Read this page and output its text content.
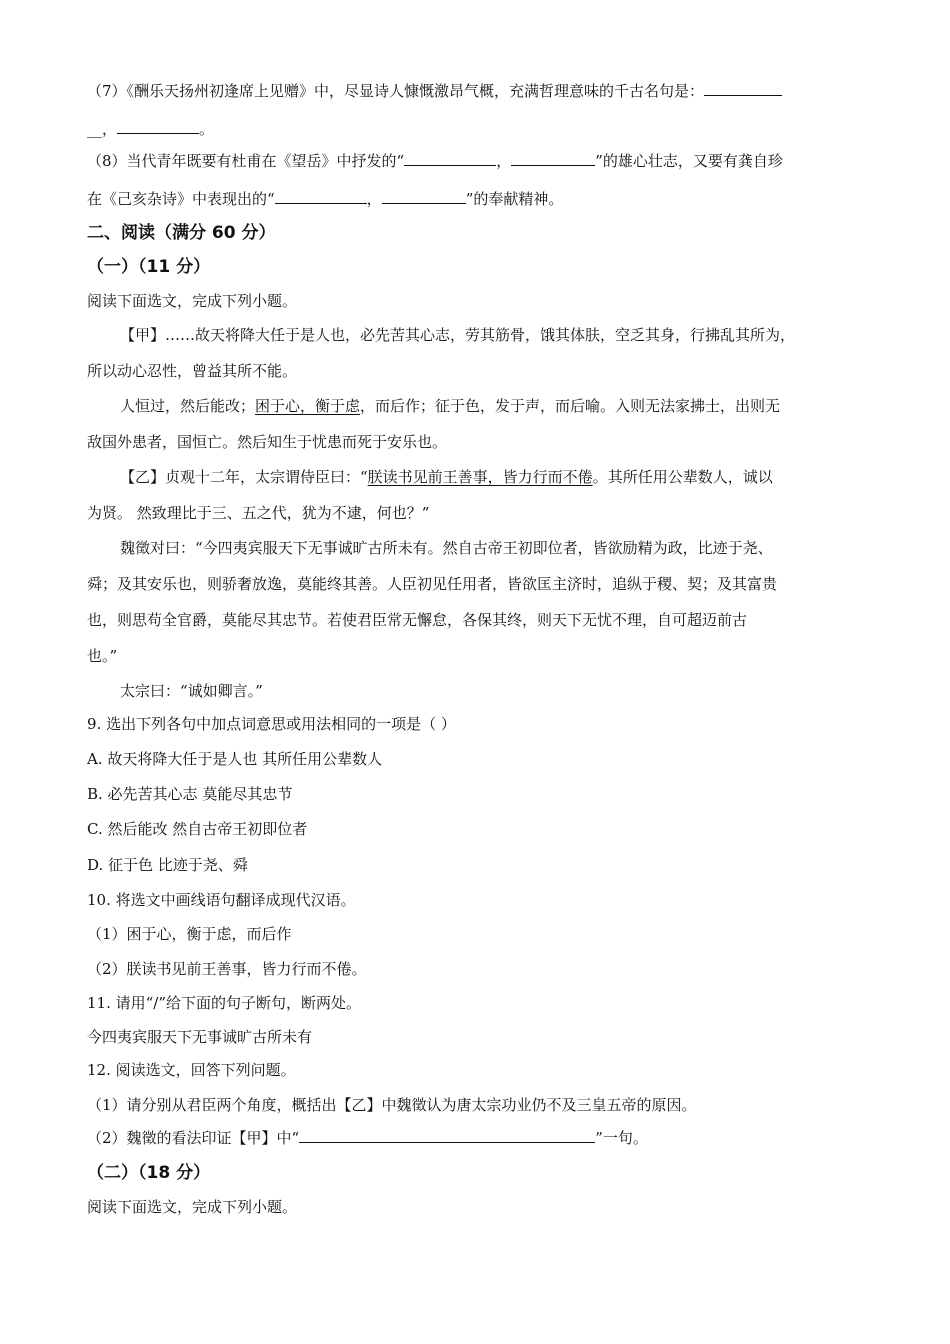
（7）《酬乐天扬州初逢席上见赠》中，尽显诗人慷慨激昂气概，充满哲理意味的千古名句是：
__，	。
（8）当代青年既要有杜甫在《望岳》中抒发的“	，	”的雄心壮志，又要有龚自珍
在《己亥杂诗》中表现出的“	，	”的奉献精神。
二、阅读（满分 60 分）
（一）（11 分）
阅读下面选文，完成下列小题。
【甲】……故天将降大任于是人也，必先苦其心志，劳其筋骨，饿其体肤，空乏其身，行拂乱其所为，
所以动心忍性，曾益其所不能。
人恒过，然后能改；困于心，衡于虑，而后作；征于色，发于声，而后喻。入则无法家拂士，出则无
敌国外患者，国恒亡。然后知生于忧患而死于安乐也。
【乙】贞观十二年，太宗谓侍臣曰：“朕读书见前王善事，皆力行而不倦。其所任用公辈数人，诚以
为贤。 然致理比于三、五之代，犹为不逮，何也？”
魏徵对曰：“今四夷宾服天下无事诚旷古所未有。然自古帝王初即位者，皆欲励精为政，比迹于尧、
舜；及其安乐也，则骄奢放逸，莫能终其善。人臣初见任用者，皆欲匡主济时，追纵于稷、契；及其富贵
也，则思苟全官爵，莫能尽其忠节。若使君臣常无懈怠，各保其终，则天下无忧不理，自可超迈前古
也。”
太宗曰：“诚如卿言。”
9. 选出下列各句中加点词意思或用法相同的一项是（ ）
A. 故天将降大任于是人也 其所任用公辈数人
B. 必先苦其心志 莫能尽其忠节
C. 然后能改 然自古帝王初即位者
D. 征于色 比迹于尧、舜
10. 将选文中画线语句翻译成现代汉语。
（1）困于心，衡于虑，而后作
（2）朕读书见前王善事，皆力行而不倦。
11. 请用“/”给下面的句子断句，断两处。
今四夷宾服天下无事诚旷古所未有
12. 阅读选文，回答下列问题。
（1）请分别从君臣两个角度，概括出【乙】中魏徵认为唐太宗功业仍不及三皇五帝的原因。
（2）魏徵的看法印证【甲】中“	”一句。
（二）（18 分）
阅读下面选文，完成下列小题。
